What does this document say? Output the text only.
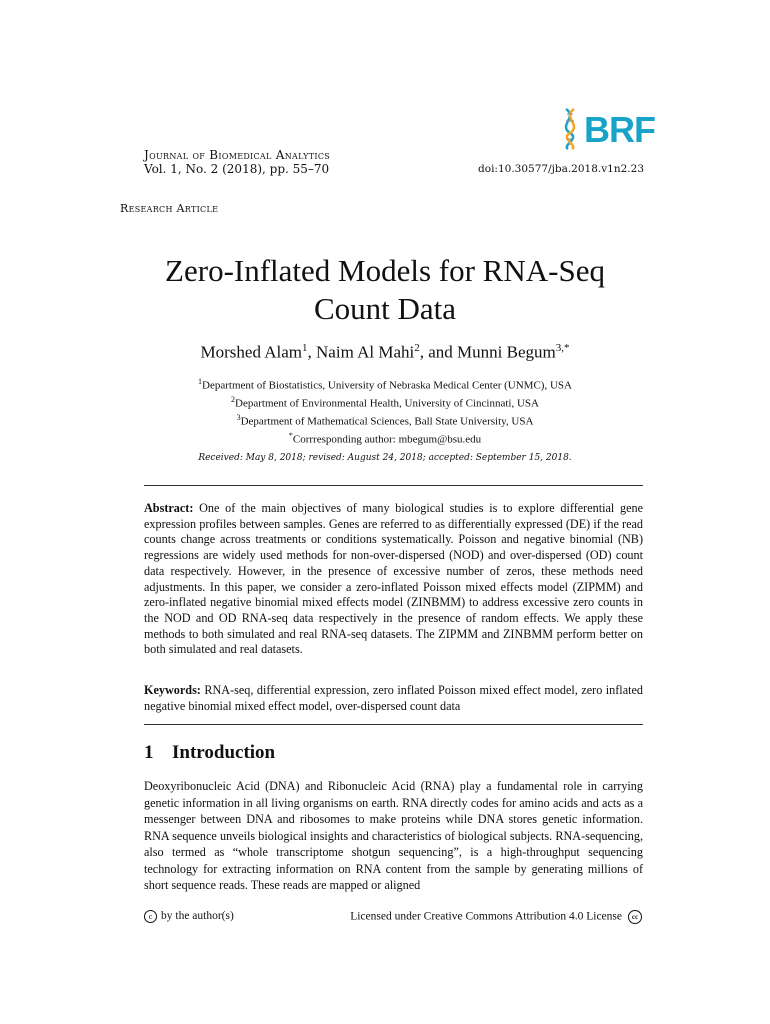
Journal of Biomedical Analytics
Vol. 1, No. 2 (2018), pp. 55–70	doi:10.30577/jba.2018.v1n2.23
BRF
Research Article
Zero-Inflated Models for RNA-Seq
Count Data
Morshed Alam$^1$, Naim Al Mahi$^2$, and Munni Begum$^{3,*}$
$^1$Department of Biostatistics, University of Nebraska Medical Center (UNMC), USA
$^2$Department of Environmental Health, University of Cincinnati, USA
$^3$Department of Mathematical Sciences, Ball State University, USA
*Corrresponding author: mbegum@bsu.edu
Received: May 8, 2018; revised: August 24, 2018; accepted: September 15, 2018.
Abstract: One of the main objectives of many biological studies is to explore differential gene expression profiles between samples. Genes are referred to as differentially expressed (DE) if the read counts change across treatments or conditions systematically. Poisson and negative binomial (NB) regressions are widely used methods for non-over-dispersed (NOD) and over-dispersed (OD) count data respectively. However, in the presence of excessive number of zeros, these methods need adjustments. In this paper, we consider a zero-inflated Poisson mixed effects model (ZIPMM) and zero-inflated negative binomial mixed effects model (ZINBMM) to address excessive zero counts in the NOD and OD RNA-seq data respectively in the presence of random effects. We apply these methods to both simulated and real RNA-seq datasets. The ZIPMM and ZINBMM perform better on both simulated and real datasets.
Keywords: RNA-seq, differential expression, zero inflated Poisson mixed effect model, zero inflated negative binomial mixed effect model, over-dispersed count data
1 Introduction
Deoxyribonucleic Acid (DNA) and Ribonucleic Acid (RNA) play a fundamental role in carrying genetic information in all living organisms on earth. RNA directly codes for amino acids and acts as a messenger between DNA and ribosomes to make proteins while DNA stores genetic information. RNA sequence unveils biological insights and characteristics of biological subjects. RNA-sequencing, also termed as “whole transcriptome shotgun sequencing”, is a high-throughput sequencing technology for extracting information on RNA content from the sample by generating millions of short sequence reads. These reads are mapped or aligned
c by the author(s)	Licensed under Creative Commons Attribution 4.0 License cc
